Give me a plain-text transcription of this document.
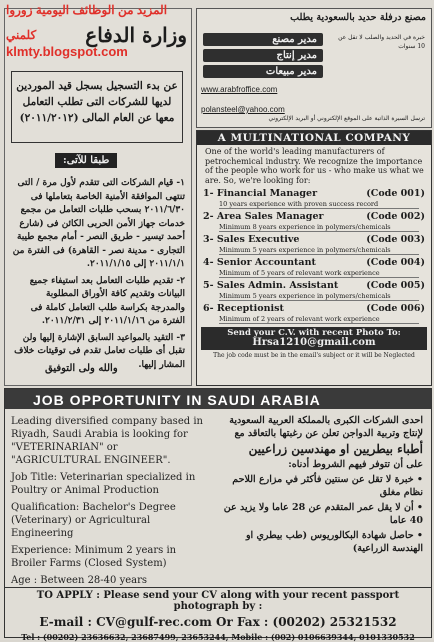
المزيد من الوظائف اليومية زوروا
كلمني
klmty.blogspot.com
مصنع درفلة حديد بالسعودية يطلب
مدير مصنع
مدير إنتاج
مدير مبيعات
خبرة في الحديد والصلب لا تقل عن 10 سنوات
www.arabfroffice.com
polansteel@yahoo.com
ترسل السيرة الذاتية على الموقع الإلكتروني أو البريد الإلكتروني
وزارة الدفاع
عن بدء التسجيل بسجل قيد الموردين لديها للشركات التى تطلب التعامل معها عن العام المالى (٢٠١١/٢٠١٢)
طبقا للآتى:

١- قيام الشركات التى تتقدم لأول مرة / التى تنتهى الموافقة الأمنية الخاصة بتعاملها فى ٢٠١١/٦/٣٠ بسحب طلبات التعامل من مجمع خدمات جهاز الأمن الحربى الكائن فى (شارع أحمد تيسير - طريق النصر - أمام مجمع طيبة التجارى - مدينة نصر - القاهرة) فى الفترة من ٢٠١١/١/١ إلى ٢٠١١/١/١٥.

٢- تقديم طلبات التعامل بعد استيفاء جميع البيانات وتقديم كافة الأوراق المطلوبة والمدرجة بكراسة طلب التعامل كاملة فى الفترة من ٢٠١١/١/١٦ إلى ٢٠١١/٢/٣١.

٣- التقيد بالمواعيد السابق الإشارة إليها ولن تقبل أى طلبات تعامل تقدم فى توقيتات خلاف المشار إليها.

والله ولى التوفيق
A MULTINATIONAL COMPANY
One of the world's leading manufacturers of petrochemical industry. We recognize the importance of the people who work for us - who make us what we are. So, we're looking for:
1- Financial Manager	(Code 001)
10 years experience with proven success record
2- Area Sales Manager	(Code 002)
Minimum 8 years experience in polymers/chemicals
3- Sales Executive	(Code 003)
Minimum 5 years experience in polymers/chemicals
4- Senior Accountant	(Code 004)
Minimum of 5 years of relevant work experience
5- Sales Admin. Assistant	(Code 005)
Minimum 5 years experience in polymers/chemicals
6- Receptionist	(Code 006)
Minimum of 2 years of relevant work experience
Send your C.V. with recent Photo To:
Hrsa1210@gmail.com
The job code must be in the email's subject or it will be Neglected
JOB OPPORTUNITY IN SAUDI ARABIA

Leading diversified company based in Riyadh, Saudi Arabia is looking for "VETERINARIAN" or "AGRICULTURAL ENGINEER".

Job Title: Veterinarian specialized in Poultry or Animal Production

Qualification: Bachelor's Degree (Veterinary) or Agricultural Engineering

Experience: Minimum 2 years in Broiler Farms (Closed System)

Age : Between 28-40 years

احدى الشركات الكبرى بالمملكة العربية السعودية لإنتاج وتربية الدواجن تعلن عن رغبتها بالتعاقد مع

أطباء بيطريين او مهندسين زراعيين

على أن تتوفر فيهم الشروط أدناه:

• خبرة لا تقل عن سنتين فأكثر في مزارع اللاحم نظام مغلق

• أن لا يقل عمر المتقدم عن 28 عاما ولا يزيد عن 40 عاما

• حاصل شهادة البكالوريوس (طب بيطري او الهندسة الزراعية)

TO APPLY : Please send your CV along with your recent passport photograph by :
E-mail : CV@gulf-rec.com Or Fax : (00202) 25321532
Tel : (00202) 23636632, 23687499, 23653244, Mobile : (002) 0106639344, 0101330532
